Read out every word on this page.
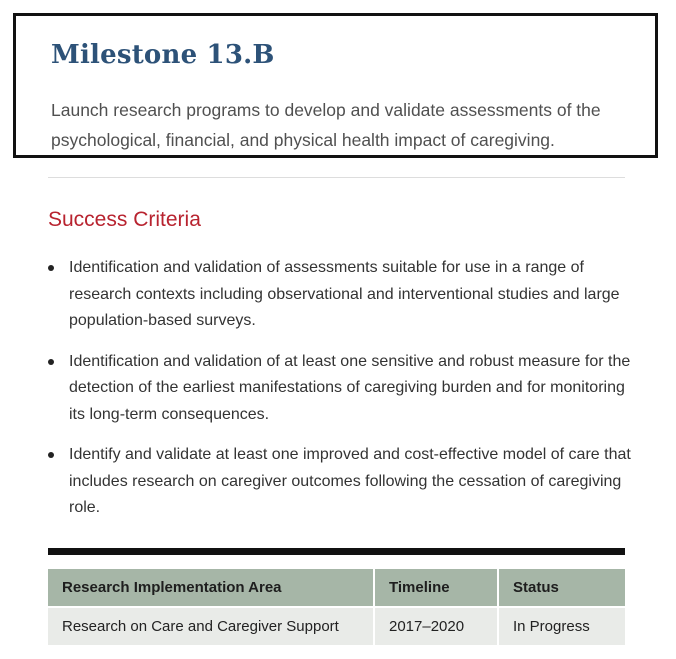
Milestone 13.B

Launch research programs to develop and validate assessments of the psychological, financial, and physical health impact of caregiving.

Success Criteria
Identification and validation of assessments suitable for use in a range of research contexts including observational and interventional studies and large population-based surveys.
Identification and validation of at least one sensitive and robust measure for the detection of the earliest manifestations of caregiving burden and for monitoring its long-term consequences.
Identify and validate at least one improved and cost-effective model of care that includes research on caregiver outcomes following the cessation of caregiving role.
Research Implementation Area	Timeline	Status
Research on Care and Caregiver Support	2017–2020	In Progress
